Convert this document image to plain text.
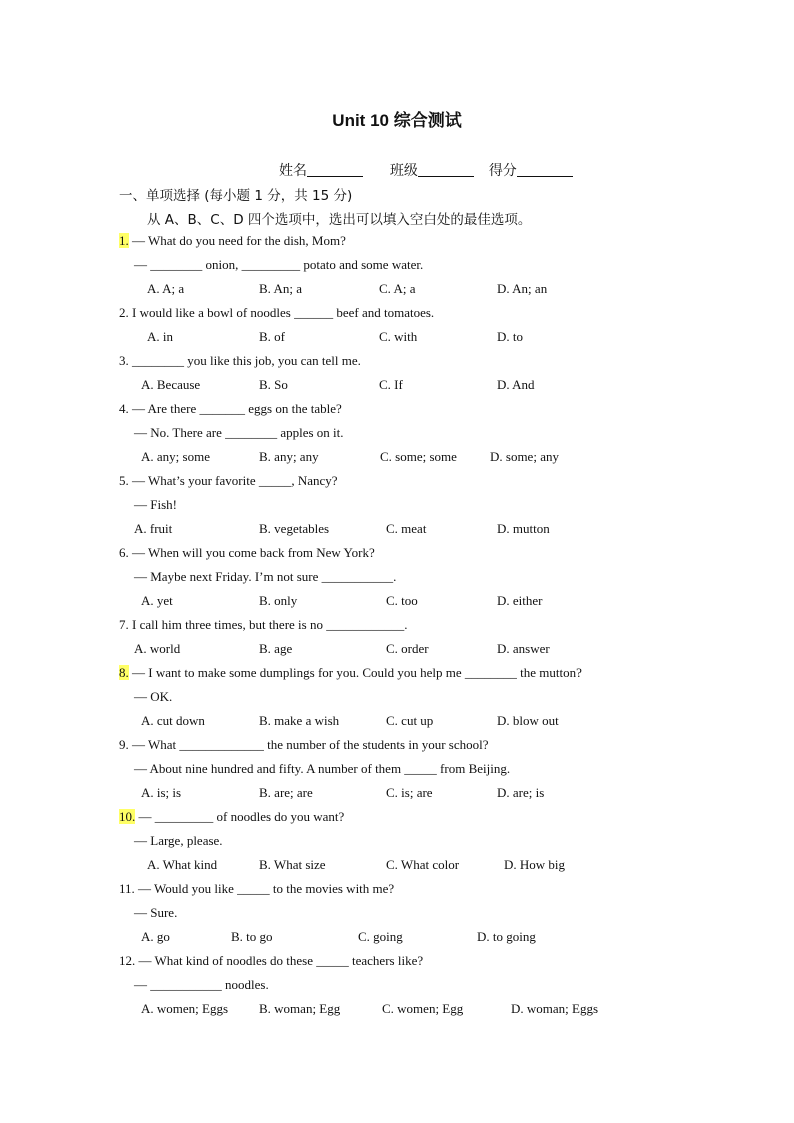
Unit 10 综合测试
姓名	班级	得分
一、单项选择 (每小题 1 分，共 15 分)
从 A、B、C、D 四个选项中，选出可以填入空白处的最佳选项。
1. — What do you need for the dish, Mom?
— ________ onion, _________ potato and some water.
A. A; a	B. An; a	C. A; a	D. An; an
2. I would like a bowl of noodles ______ beef and tomatoes.
A. in	B. of	C. with	D. to
3. ________ you like this job, you can tell me.
A. Because	B. So	C. If	D. And
4. — Are there _______ eggs on the table?
— No. There are ________ apples on it.
A. any; some	B. any; any	C. some; some	D. some; any
5. — What’s your favorite _____, Nancy?
— Fish!
A. fruit	B. vegetables	C. meat	D. mutton
6. — When will you come back from New York?
— Maybe next Friday. I’m not sure ___________.
A. yet	B. only	C. too	D. either
7. I call him three times, but there is no ____________.
A. world	B. age	C. order	D. answer
8. — I want to make some dumplings for you. Could you help me ________ the mutton?
— OK.
A. cut down	B. make a wish	C. cut up	D. blow out
9. — What _____________ the number of the students in your school?
— About nine hundred and fifty. A number of them _____ from Beijing.
A. is; is	B. are; are	C. is; are	D. are; is
10. — _________ of noodles do you want?
— Large, please.
A. What kind	B. What size	C. What color	D. How big
11. — Would you like _____ to the movies with me?
— Sure.
A. go	B. to go	C. going	D. to going
12. — What kind of noodles do these _____ teachers like?
— ___________ noodles.
A. women; Eggs B. woman; Egg	C. women; Egg	D. woman; Eggs
